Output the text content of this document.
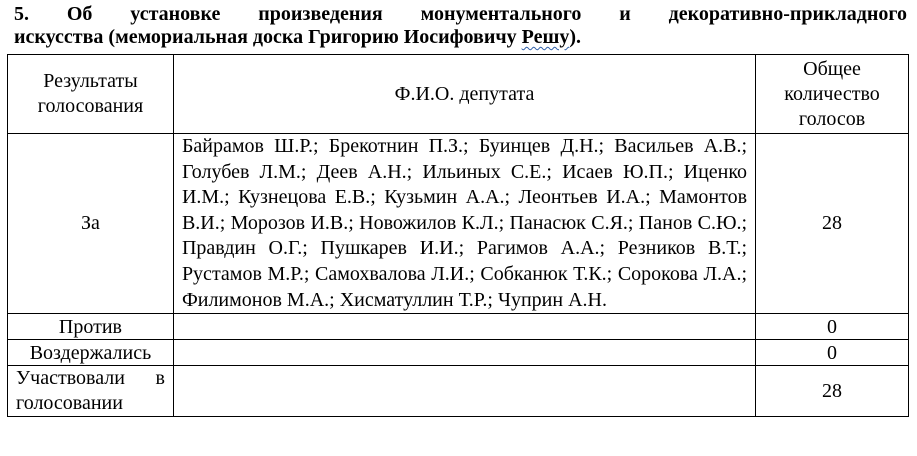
5. Об установке произведения монументального и декоративно-прикладного
искусства (мемориальная доска Григорию Иосифовичу Решу).
Результаты голосования	Ф.И.О. депутата	Общее количество голосов
За	Байрамов Ш.Р.; Брекотнин П.З.; Буинцев Д.Н.; Васильев А.В.; Голубев Л.М.; Деев А.Н.; Ильиных С.Е.; Исаев Ю.П.; Иценко И.М.; Кузнецова Е.В.; Кузьмин А.А.; Леонтьев И.А.; Мамонтов В.И.; Морозов И.В.; Новожилов К.Л.; Панасюк С.Я.; Панов С.Ю.; Правдин О.Г.; Пушкарев И.И.; Рагимов А.А.; Резников В.Т.; Рустамов М.Р.; Самохвалова Л.И.; Собканюк Т.К.; Сорокова Л.А.; Филимонов М.А.; Хисматуллин Т.Р.; Чуприн А.Н.	28
Против		0
Воздержались		0
Участвовали в голосовании		28
